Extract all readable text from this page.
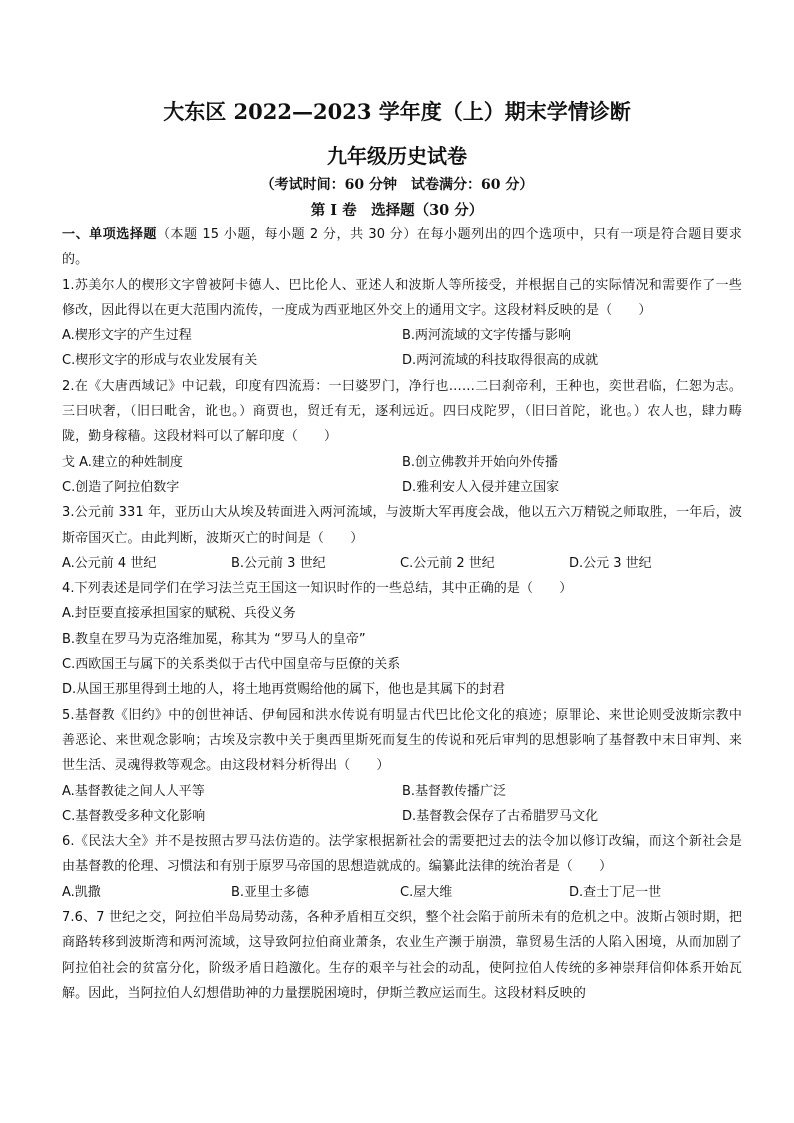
大东区 2022—2023 学年度（上）期末学情诊断
九年级历史试卷
（考试时间：60 分钟　试卷满分：60 分）
第 I 卷　选择题（30 分）

一、单项选择题（本题 15 小题，每小题 2 分，共 30 分）在每小题列出的四个选项中，只有一项是符合题目要求的。

1.苏美尔人的楔形文字曾被阿卡德人、巴比伦人、亚述人和波斯人等所接受，并根据自己的实际情况和需要作了一些修改，因此得以在更大范围内流传，一度成为西亚地区外交上的通用文字。这段材料反映的是（　　）

A.楔形文字的产生过程	B.两河流域的文字传播与影响
C.楔形文字的形成与农业发展有关	D.两河流域的科技取得很高的成就

2.在《大唐西域记》中记载，印度有四流焉：一曰婆罗门，净行也……二曰刹帝利，王种也，奕世君临，仁恕为志。三曰吠奢，（旧曰毗舍，讹也。）商贾也，贸迁有无，逐利远近。四曰戍陀罗，（旧曰首陀，讹也。）农人也，肆力畴陇，勤身稼穑。这段材料可以了解印度（　　）

戈 A.建立的种姓制度	B.创立佛教并开始向外传播
C.创造了阿拉伯数字	D.雅利安人入侵并建立国家

3.公元前 331 年，亚历山大从埃及转面进入两河流域，与波斯大军再度会战，他以五六万精锐之师取胜，一年后，波斯帝国灭亡。由此判断，波斯灭亡的时间是（　　）

A.公元前 4 世纪	B.公元前 3 世纪	C.公元前 2 世纪	D.公元 3 世纪

4.下列表述是同学们在学习法兰克王国这一知识时作的一些总结，其中正确的是（　　）

A.封臣要直接承担国家的赋税、兵役义务
B.教皇在罗马为克洛维加冕，称其为 “罗马人的皇帝”
C.西欧国王与属下的关系类似于古代中国皇帝与臣僚的关系
D.从国王那里得到土地的人，将土地再赏赐给他的属下，他也是其属下的封君

5.基督教《旧约》中的创世神话、伊甸园和洪水传说有明显古代巴比伦文化的痕迹；原罪论、来世论则受波斯宗教中善恶论、来世观念影响；古埃及宗教中关于奥西里斯死而复生的传说和死后审判的思想影响了基督教中末日审判、来世生活、灵魂得救等观念。由这段材料分析得出（　　）

A.基督教徒之间人人平等	B.基督教传播广泛
C.基督教受多种文化影响	D.基督教会保存了古希腊罗马文化

6.《民法大全》并不是按照古罗马法仿造的。法学家根据新社会的需要把过去的法令加以修订改编，而这个新社会是由基督教的伦理、习惯法和有别于原罗马帝国的思想造就成的。编纂此法律的统治者是（　　）

A.凯撒	B.亚里士多德	C.屋大维	D.查士丁尼一世

7.6、7 世纪之交，阿拉伯半岛局势动荡，各种矛盾相互交织，整个社会陷于前所未有的危机之中。波斯占领时期，把商路转移到波斯湾和两河流域，这导致阿拉伯商业萧条，农业生产濒于崩溃，靠贸易生活的人陷入困境，从而加剧了阿拉伯社会的贫富分化，阶级矛盾日趋激化。生存的艰辛与社会的动乱，使阿拉伯人传统的多神崇拜信仰体系开始瓦解。因此，当阿拉伯人幻想借助神的力量摆脱困境时，伊斯兰教应运而生。这段材料反映的
